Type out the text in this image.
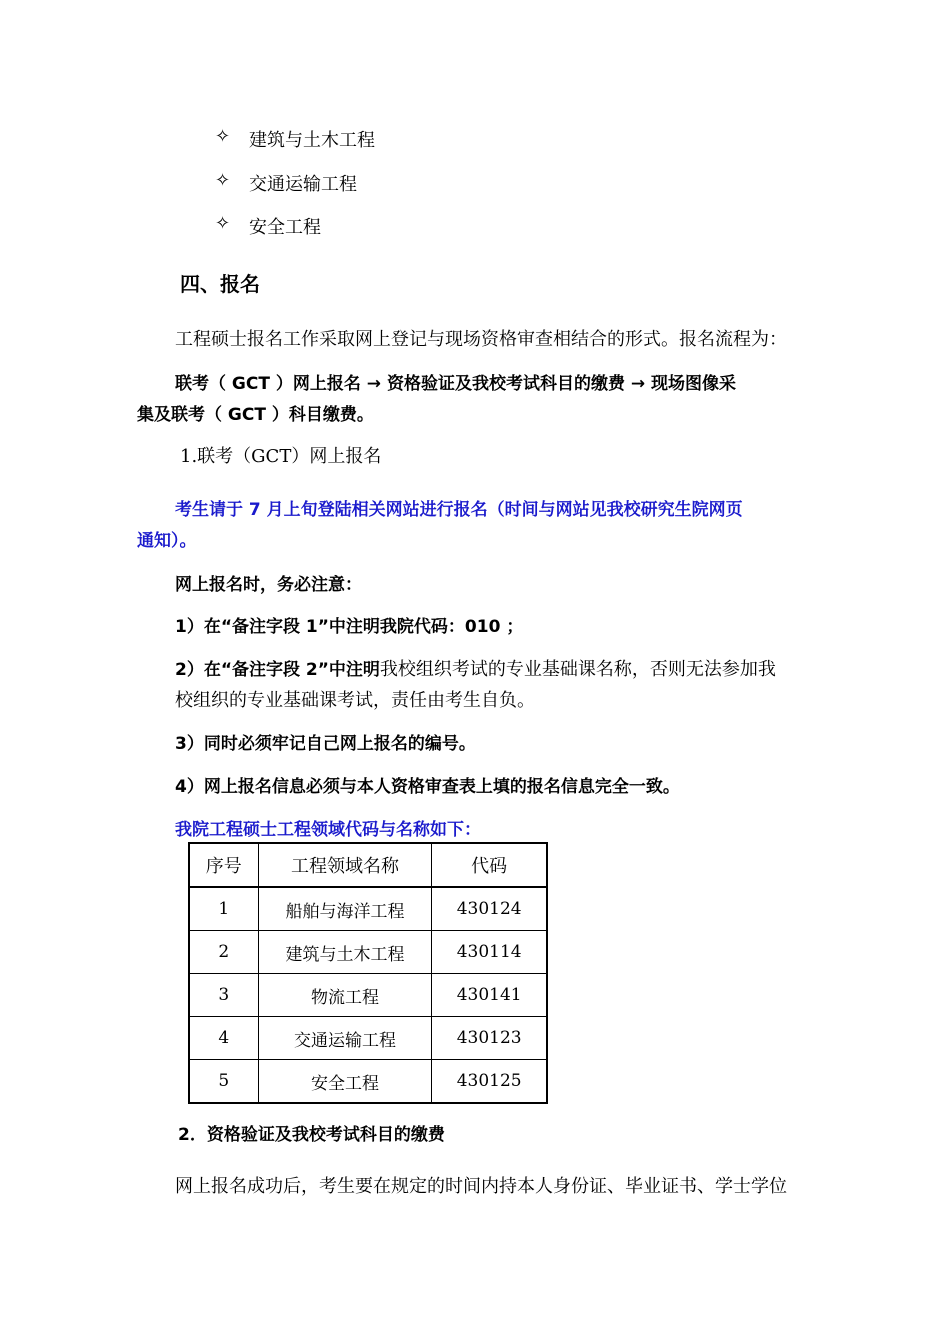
✧ 建筑与土木工程
✧ 交通运输工程
✧ 安全工程
四、报名
工程硕士报名工作采取网上登记与现场资格审查相结合的形式。报名流程为：
联考（ GCT ）网上报名 → 资格验证及我校考试科目的缴费 → 现场图像采
集及联考（ GCT ）科目缴费。
1.联考（GCT）网上报名
考生请于 7 月上旬登陆相关网站进行报名（时间与网站见我校研究生院网页
通知）。
网上报名时，务必注意：
1）在“备注字段 1”中注明我院代码：010 ；
2）在“备注字段 2”中注明我校组织考试的专业基础课名称，否则无法参加我
校组织的专业基础课考试，责任由考生自负。
3）同时必须牢记自己网上报名的编号。
4）网上报名信息必须与本人资格审查表上填的报名信息完全一致。
我院工程硕士工程领域代码与名称如下：
序号	工程领域名称	代码
1	船舶与海洋工程	430124
2	建筑与土木工程	430114
3	物流工程	430141
4	交通运输工程	430123
5	安全工程	430125
2．资格验证及我校考试科目的缴费
网上报名成功后，考生要在规定的时间内持本人身份证、毕业证书、学士学位
